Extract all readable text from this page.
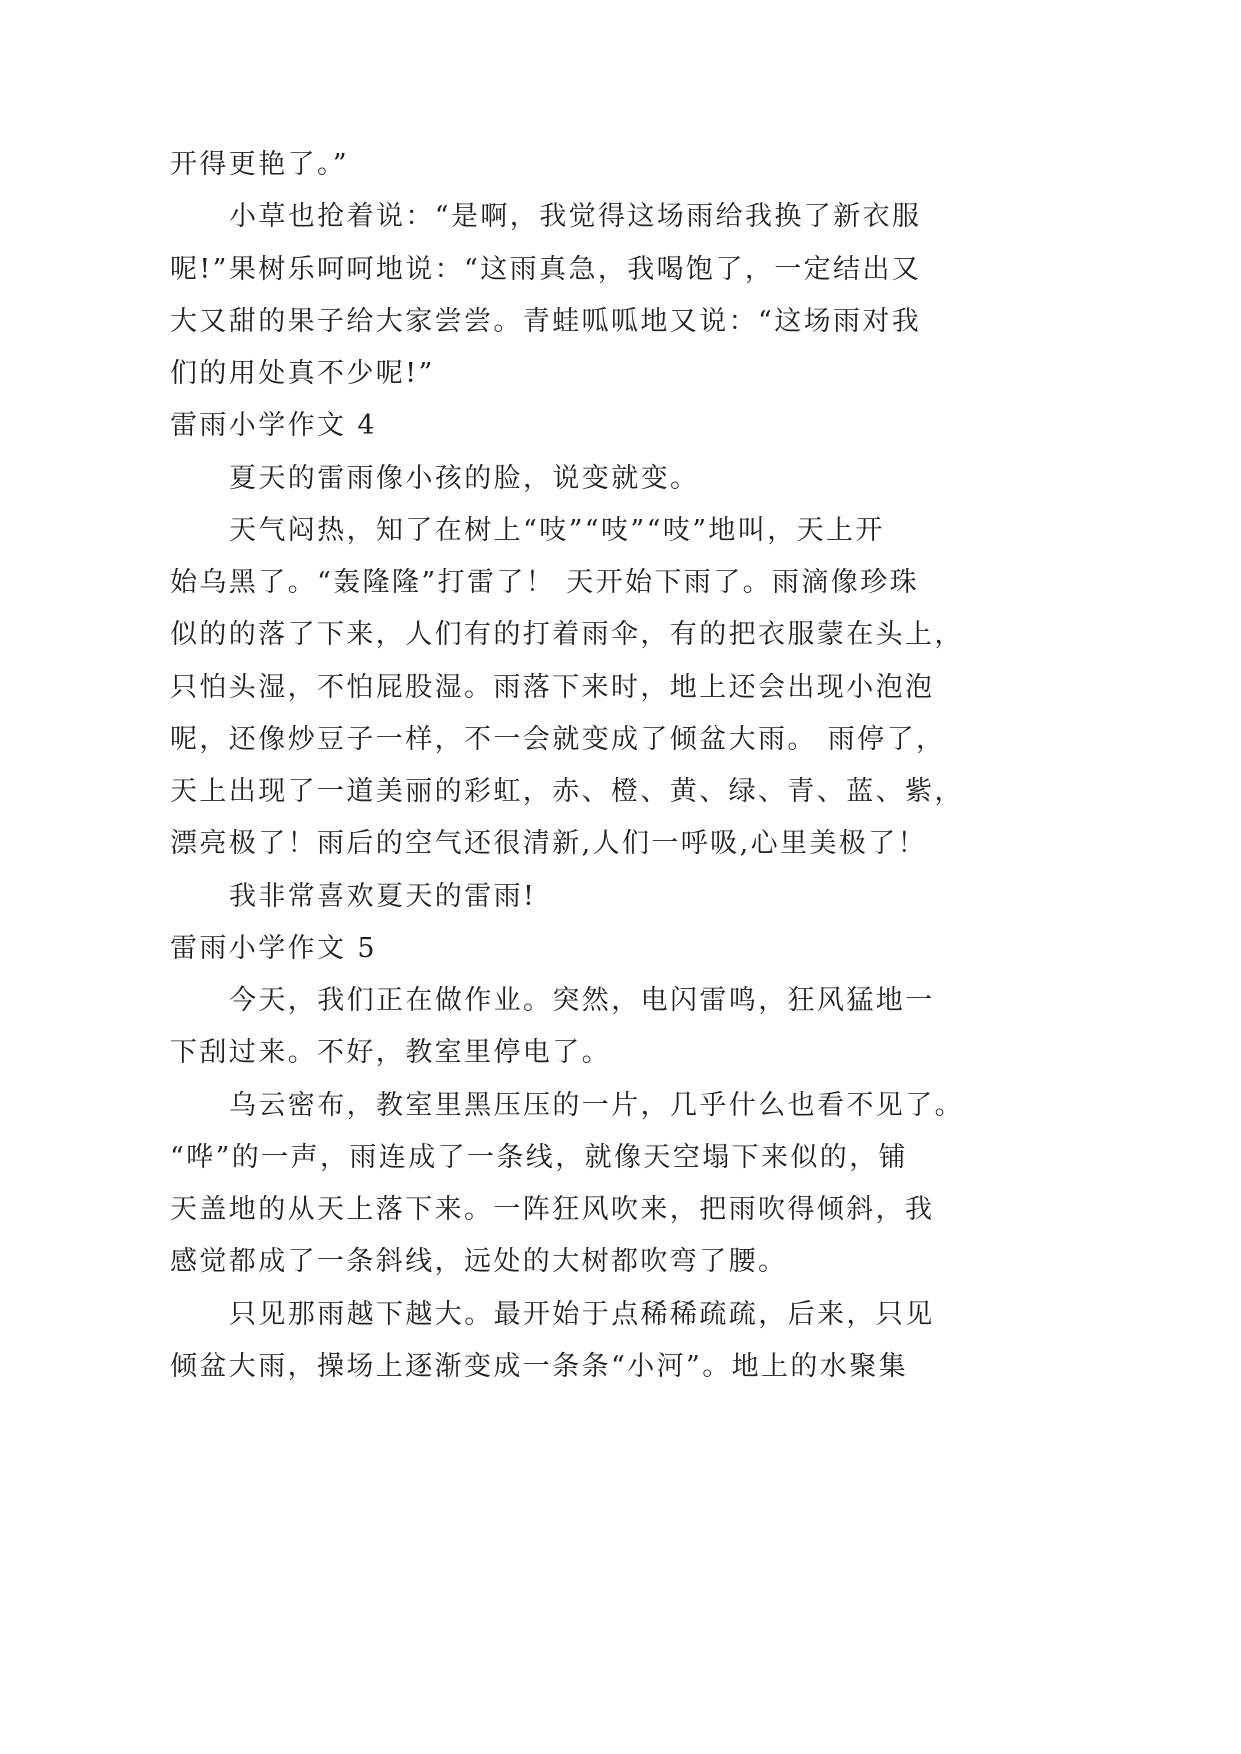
开得更艳了。”
小草也抢着说：“是啊，我觉得这场雨给我换了新衣服
呢!”果树乐呵呵地说：“这雨真急，我喝饱了，一定结出又
大又甜的果子给大家尝尝。青蛙呱呱地又说：“这场雨对我
们的用处真不少呢!”
雷雨小学作文 4
夏天的雷雨像小孩的脸，说变就变。
天气闷热，知了在树上“吱”“吱”“吱”地叫，天上开
始乌黑了。“轰隆隆”打雷了！ 天开始下雨了。雨滴像珍珠
似的的落了下来，人们有的打着雨伞，有的把衣服蒙在头上，
只怕头湿，不怕屁股湿。雨落下来时，地上还会出现小泡泡
呢，还像炒豆子一样，不一会就变成了倾盆大雨。 雨停了，
天上出现了一道美丽的彩虹，赤、橙、黄、绿、青、蓝、紫，
漂亮极了！雨后的空气还很清新,人们一呼吸,心里美极了！
我非常喜欢夏天的雷雨!
雷雨小学作文 5
今天，我们正在做作业。突然，电闪雷鸣，狂风猛地一
下刮过来。不好，教室里停电了。
乌云密布，教室里黑压压的一片，几乎什么也看不见了。
“哗”的一声，雨连成了一条线，就像天空塌下来似的，铺
天盖地的从天上落下来。一阵狂风吹来，把雨吹得倾斜，我
感觉都成了一条斜线，远处的大树都吹弯了腰。
只见那雨越下越大。最开始于点稀稀疏疏，后来，只见
倾盆大雨，操场上逐渐变成一条条“小河”。地上的水聚集
